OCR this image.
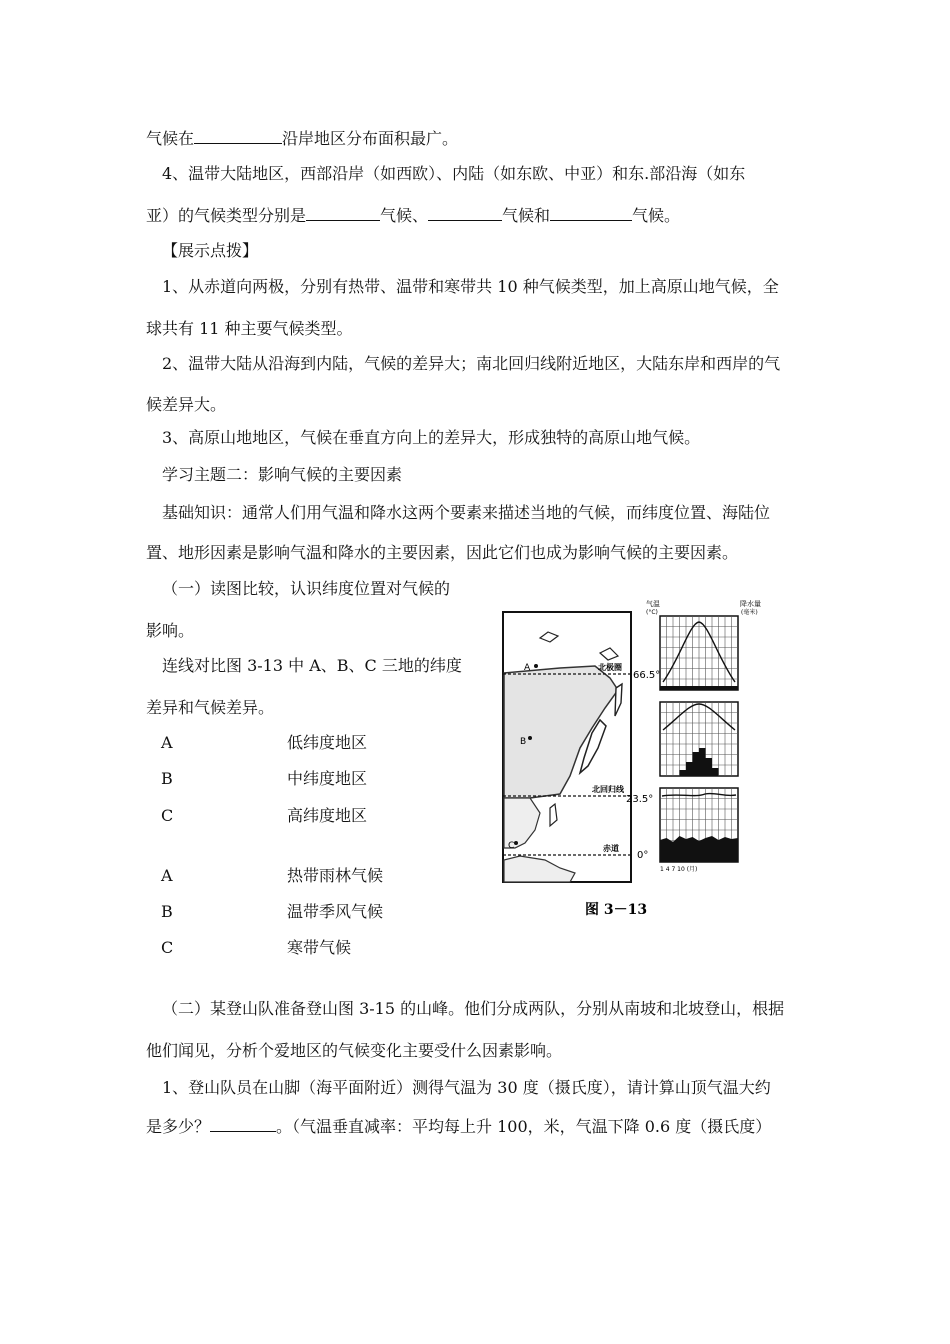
气候在	沿岸地区分布面积最广。
4、温带大陆地区，西部沿岸（如西欧）、内陆（如东欧、中亚）和东.部沿海（如东
亚）的气候类型分别是	气候、	气候和	气候。
【展示点拨】
1、从赤道向两极，分别有热带、温带和寒带共 10 种气候类型，加上高原山地气候，全
球共有 11 种主要气候类型。
2、温带大陆从沿海到内陆，气候的差异大；南北回归线附近地区，大陆东岸和西岸的气
候差异大。
3、高原山地地区，气候在垂直方向上的差异大，形成独特的高原山地气候。
学习主题二：影响气候的主要因素
基础知识：通常人们用气温和降水这两个要素来描述当地的气候，而纬度位置、海陆位
置、地形因素是影响气温和降水的主要因素，因此它们也成为影响气候的主要因素。
（一）读图比较，认识纬度位置对气候的
影响。
连线对比图 3-13 中 A、B、C 三地的纬度
差异和气候差异。
A	低纬度地区
B	中纬度地区
C	高纬度地区
A	热带雨林气候
B	温带季风气候
C	寒带气候
A
B
C
北极圈
66.5°
北回归线
23.5°
赤道
0°
气温
(°C)
降水量
(毫米)
1 4 7 10 (月)
图 3－13
（二）某登山队准备登山图 3-15 的山峰。他们分成两队，分别从南坡和北坡登山，根据
他们闻见，分析个爱地区的气候变化主要受什么因素影响。
1、登山队员在山脚（海平面附近）测得气温为 30 度（摄氏度），请计算山顶气温大约
是多少？	。（气温垂直减率：平均每上升 100，米，气温下降 0.6 度（摄氏度）
